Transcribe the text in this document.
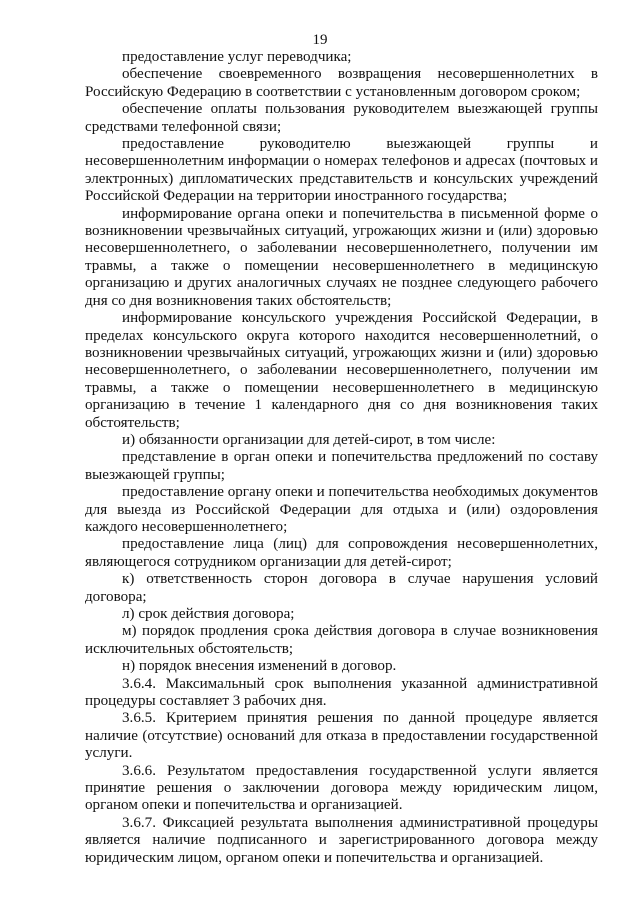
19

предоставление услуг переводчика;

обеспечение своевременного возвращения несовершеннолетних в Российскую Федерацию в соответствии с установленным договором сроком;

обеспечение оплаты пользования руководителем выезжающей группы средствами телефонной связи;

предоставление руководителю выезжающей группы и несовершеннолетним информации о номерах телефонов и адресах (почтовых и электронных) дипломатических представительств и консульских учреждений Российской Федерации на территории иностранного государства;

информирование органа опеки и попечительства в письменной форме о возникновении чрезвычайных ситуаций, угрожающих жизни и (или) здоровью несовершеннолетнего, о заболевании несовершеннолетнего, получении им травмы, а также о помещении несовершеннолетнего в медицинскую организацию и других аналогичных случаях не позднее следующего рабочего дня со дня возникновения таких обстоятельств;

информирование консульского учреждения Российской Федерации, в пределах консульского округа которого находится несовершеннолетний, о возникновении чрезвычайных ситуаций, угрожающих жизни и (или) здоровью несовершеннолетнего, о заболевании несовершеннолетнего, получении им травмы, а также о помещении несовершеннолетнего в медицинскую организацию в течение 1 календарного дня со дня возникновения таких обстоятельств;

и) обязанности организации для детей-сирот, в том числе:

представление в орган опеки и попечительства предложений по составу выезжающей группы;

предоставление органу опеки и попечительства необходимых документов для выезда из Российской Федерации для отдыха и (или) оздоровления каждого несовершеннолетнего;

предоставление лица (лиц) для сопровождения несовершеннолетних, являющегося сотрудником организации для детей-сирот;

к) ответственность сторон договора в случае нарушения условий договора;

л) срок действия договора;

м) порядок продления срока действия договора в случае возникновения исключительных обстоятельств;

н) порядок внесения изменений в договор.

3.6.4. Максимальный срок выполнения указанной административной процедуры составляет 3 рабочих дня.

3.6.5. Критерием принятия решения по данной процедуре является наличие (отсутствие) оснований для отказа в предоставлении государственной услуги.

3.6.6. Результатом предоставления государственной услуги является принятие решения о заключении договора между юридическим лицом, органом опеки и попечительства и организацией.

3.6.7. Фиксацией результата выполнения административной процедуры является наличие подписанного и зарегистрированного договора между юридическим лицом, органом опеки и попечительства и организацией.
